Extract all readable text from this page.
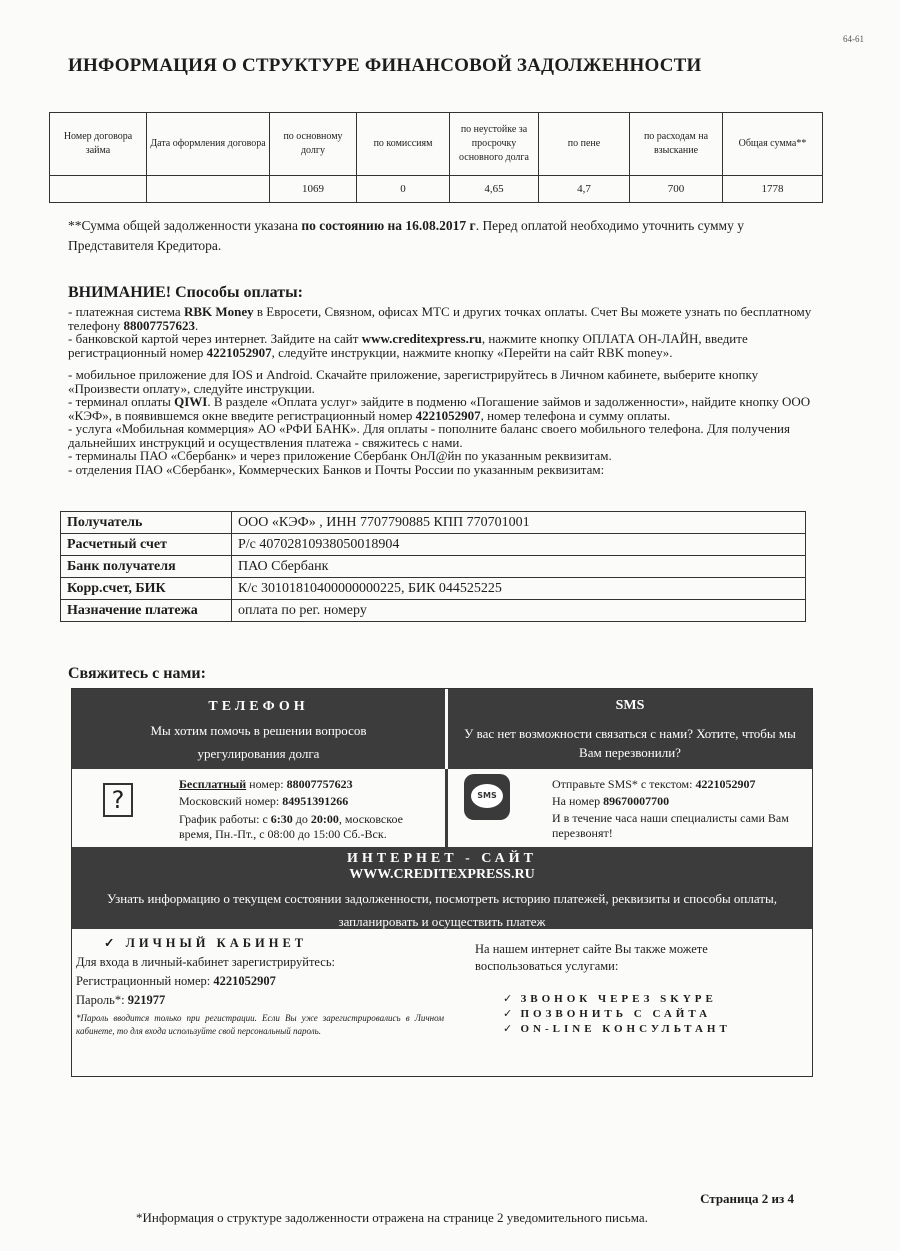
64-61
ИНФОРМАЦИЯ О СТРУКТУРЕ ФИНАНСОВОЙ ЗАДОЛЖЕННОСТИ
Номер договора займа	Дата оформления договора	по основному долгу	по комиссиям	по неустойке за просрочку основного долга	по пене	по расходам на взыскание	Общая сумма**
		1069	0	4,65	4,7	700	1778
**Сумма общей задолженности указана по состоянию на 16.08.2017 г. Перед оплатой необходимо уточнить сумму у Представителя Кредитора.
ВНИМАНИЕ! Способы оплаты:

- платежная система RBK Money в Евросети, Связном, офисах МТС и других точках оплаты. Счет Вы можете узнать по бесплатному телефону 88007757623.

- банковской картой через интернет. Зайдите на сайт www.creditexpress.ru, нажмите кнопку ОПЛАТА ОН-ЛАЙН, введите регистрационный номер 4221052907, следуйте инструкции, нажмите кнопку «Перейти на сайт RBK money».

- мобильное приложение для IOS и Android. Скачайте приложение, зарегистрируйтесь в Личном кабинете, выберите кнопку «Произвести оплату», следуйте инструкции.

- терминал оплаты QIWI. В разделе «Оплата услуг» зайдите в подменю «Погашение займов и задолженности», найдите кнопку ООО «КЭФ», в появившемся окне введите регистрационный номер 4221052907, номер телефона и сумму оплаты.

- услуга «Мобильная коммерция» АО «РФИ БАНК». Для оплаты - пополните баланс своего мобильного телефона. Для получения дальнейших инструкций и осуществления платежа - свяжитесь с нами.

- терминалы ПАО «Сбербанк» и через приложение Сбербанк ОнЛ@йн по указанным реквизитам.

- отделения ПАО «Сбербанк», Коммерческих Банков и Почты России по указанным реквизитам:

Получатель	ООО «КЭФ» , ИНН 7707790885 КПП 770701001
Расчетный счет	Р/с 40702810938050018904
Банк получателя	ПАО Сбербанк
Корр.счет, БИК	К/с 30101810400000000225, БИК 044525225
Назначение платежа	оплата по рег. номеру
Свяжитесь с нами:
ТЕЛЕФОН
Мы хотим помочь в решении вопросов урегулирования долга
SMS
У вас нет возможности связаться с нами? Хотите, чтобы мы Вам перезвонили?
?
Бесплатный номер: 88007757623
Московский номер: 84951391266
График работы: с 6:30 до 20:00, московское время, Пн.-Пт., с 08:00 до 15:00 Сб.-Вск.
SMS
Отправьте SMS* с текстом: 4221052907
На номер 89670007700
И в течение часа наши специалисты сами Вам перезвонят!
ИНТЕРНЕТ - САЙТ
WWW.CREDITEXPRESS.RU
Узнать информацию о текущем состоянии задолженности, посмотреть историю платежей, реквизиты и способы оплаты, запланировать и осуществить платеж
✓ ЛИЧНЫЙ КАБИНЕТ
Для входа в личный-кабинет зарегистрируйтесь:
Регистрационный номер: 4221052907
Пароль*: 921977
*Пароль вводится только при регистрации. Если Вы уже зарегистрировались в Личном кабинете, то для входа используйте свой персональный пароль.
На нашем интернет сайте Вы также можете воспользоваться услугами:
✓ ЗВОНОК ЧЕРЕЗ SKYPE
✓ ПОЗВОНИТЬ С САЙТА
✓ ON-LINE КОНСУЛЬТАНТ
Страница 2 из 4
*Информация о структуре задолженности отражена на странице 2 уведомительного письма.
